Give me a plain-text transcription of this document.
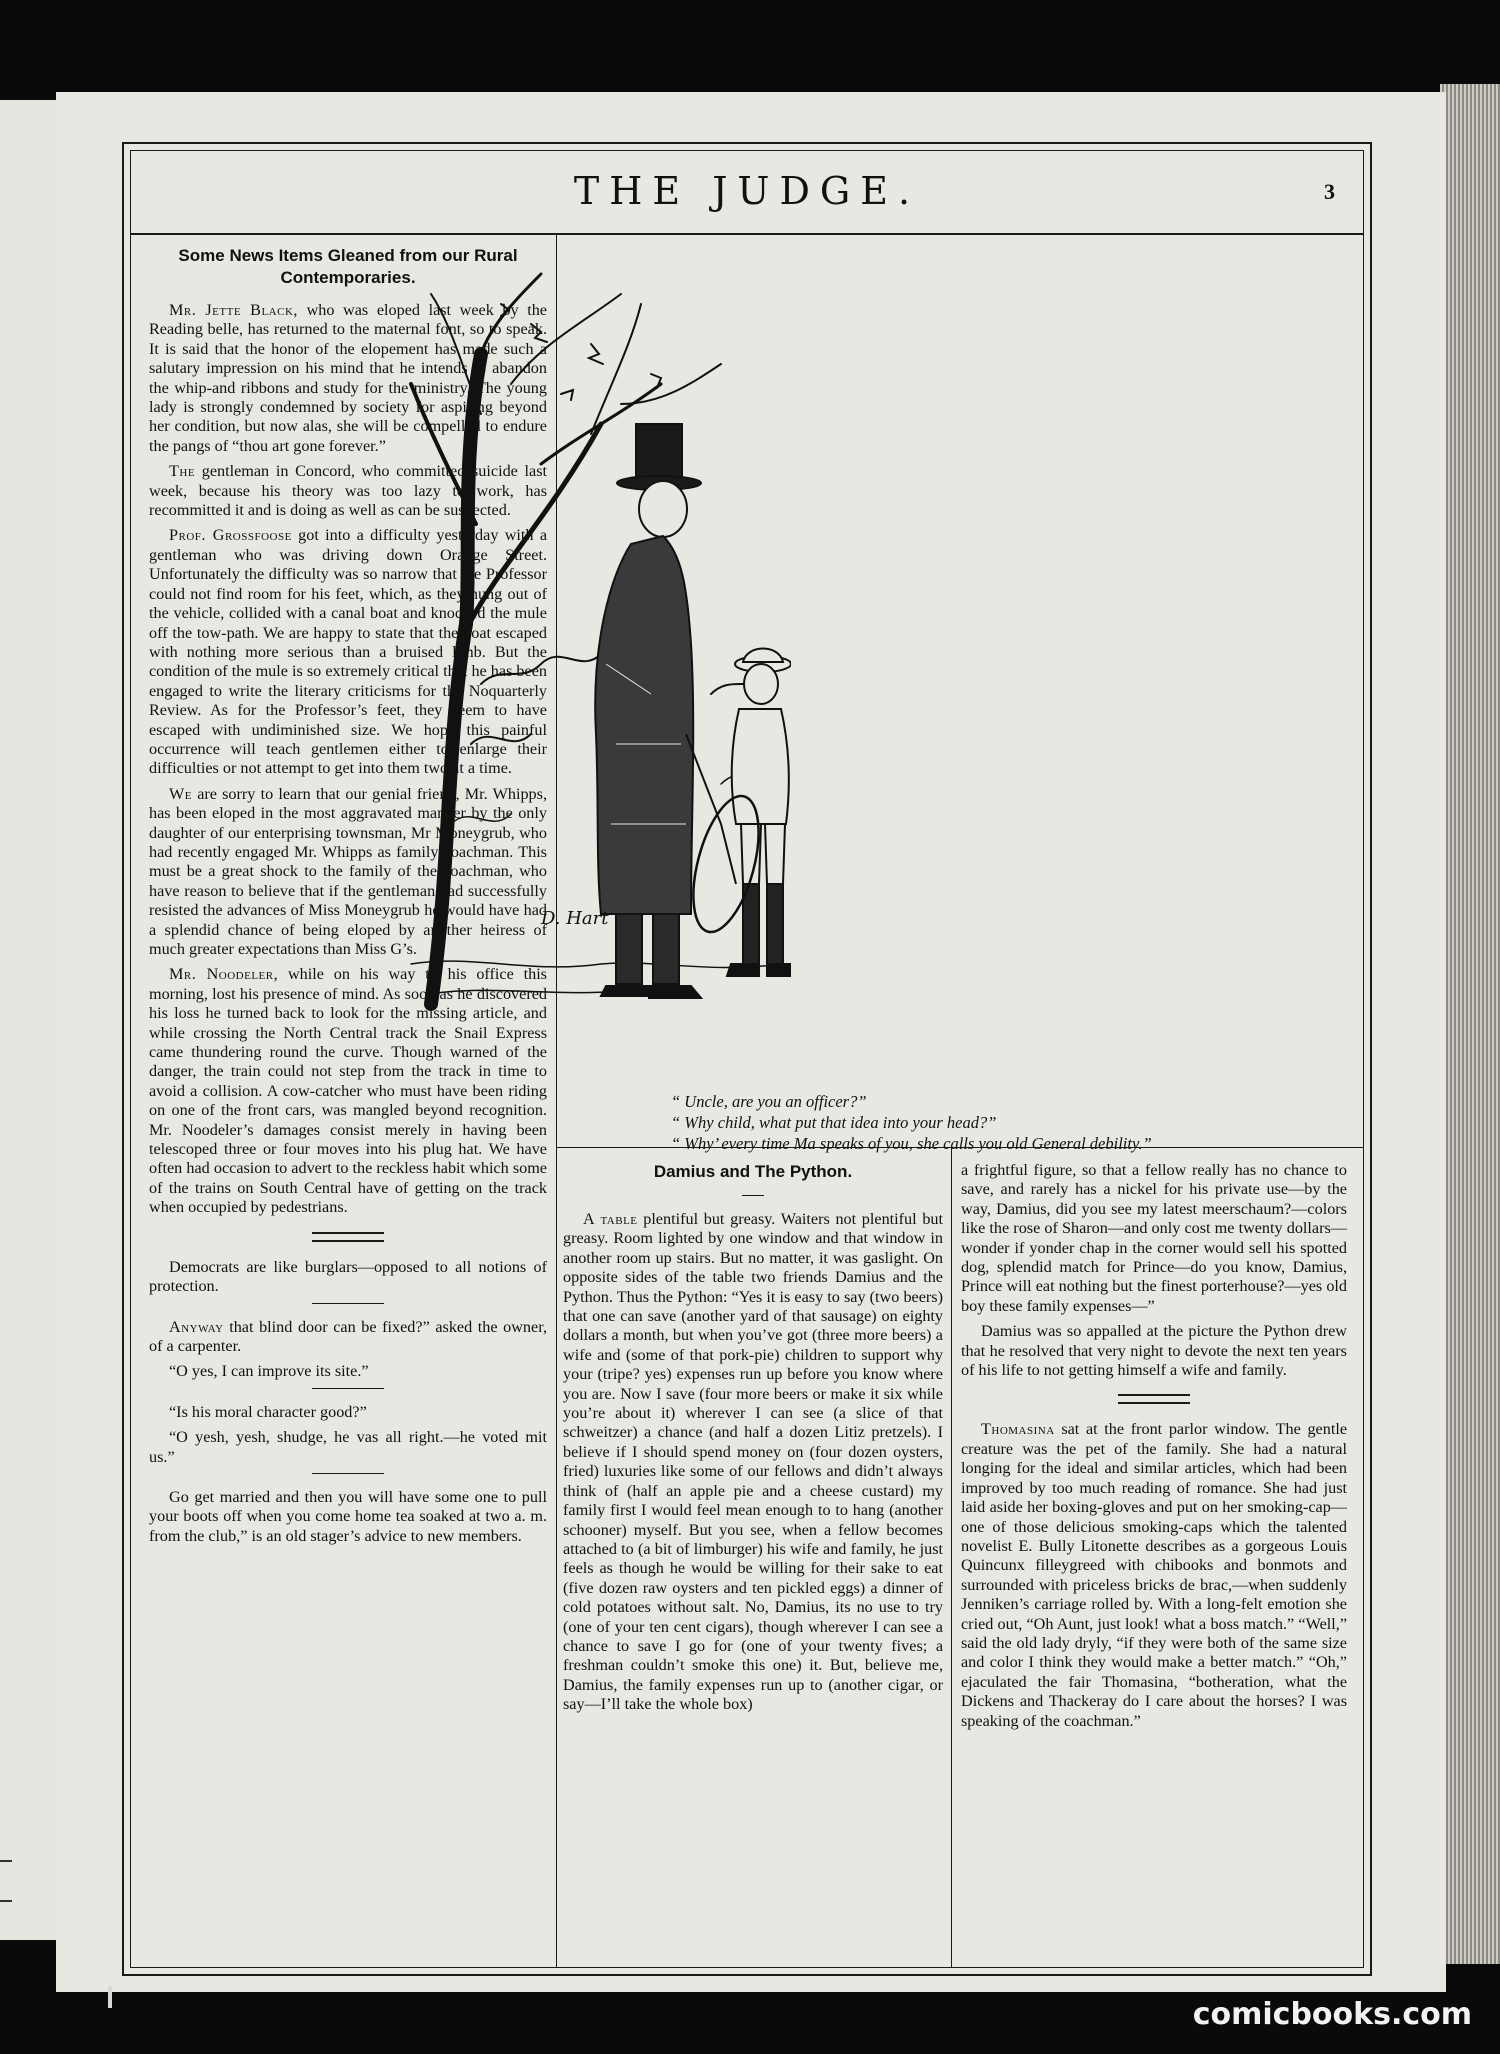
THE JUDGE.	3
Some News Items Gleaned from our Rural Contemporaries.

Mr. Jette Black, who was eloped last week by the Reading belle, has returned to the maternal font, so to speak. It is said that the honor of the elopement has made such a salutary impression on his mind that he intends to abandon the whip-and ribbons and study for the ministry. The young lady is strongly condemned by society for aspiring beyond her condition, but now alas, she will be compelled to endure the pangs of “thou art gone forever.”

The gentleman in Concord, who committed suicide last week, because his theory was too lazy to work, has recommitted it and is doing as well as can be suspected.

Prof. Grossfoose got into a difficulty yesterday with a gentleman who was driving down Orange Street. Unfortunately the difficulty was so narrow that the Professor could not find room for his feet, which, as they hung out of the vehicle, collided with a canal boat and knocked the mule off the tow-path. We are happy to state that the boat escaped with nothing more serious than a bruised limb. But the condition of the mule is so extremely critical that he has been engaged to write the literary criticisms for the Noquarterly Review. As for the Professor’s feet, they seem to have escaped with undiminished size. We hope this painful occurrence will teach gentlemen either to enlarge their difficulties or not attempt to get into them two at a time.

We are sorry to learn that our genial friend, Mr. Whipps, has been eloped in the most aggravated manner by the only daughter of our enterprising townsman, Mr Moneygrub, who had recently engaged Mr. Whipps as family coachman. This must be a great shock to the family of the coachman, who have reason to believe that if the gentleman had successfully resisted the advances of Miss Moneygrub he would have had a splendid chance of being eloped by another heiress of much greater expectations than Miss G’s.

Mr. Noodeler, while on his way to his office this morning, lost his presence of mind. As soon as he discovered his loss he turned back to look for the missing article, and while crossing the North Central track the Snail Express came thundering round the curve. Though warned of the danger, the train could not step from the track in time to avoid a collision. A cow-catcher who must have been riding on one of the front cars, was mangled beyond recognition. Mr. Noodeler’s damages consist merely in having been telescoped three or four moves into his plug hat. We have often had occasion to advert to the reckless habit which some of the trains on South Central have of getting on the track when occupied by pedestrians.

Democrats are like burglars—opposed to all notions of protection.

Anyway that blind door can be fixed?” asked the owner, of a carpenter.

“O yes, I can improve its site.”

“Is his moral character good?”

“O yesh, yesh, shudge, he vas all right.—he voted mit us.”

Go get married and then you will have some one to pull your boots off when you come home tea soaked at two a. m. from the club,” is an old stager’s advice to new members.

D. Hart
“ Uncle, are you an officer?”
“ Why child, what put that idea into your head?”
“ Why’ every time Ma speaks of you, she calls you old General debility.”
Damius and The Python.

A table plentiful but greasy. Waiters not plentiful but greasy. Room lighted by one window and that window in another room up stairs. But no matter, it was gaslight. On opposite sides of the table two friends Damius and the Python. Thus the Python: “Yes it is easy to say (two beers) that one can save (another yard of that sausage) on eighty dollars a month, but when you’ve got (three more beers) a wife and (some of that pork-pie) children to support why your (tripe? yes) expenses run up before you know where you are. Now I save (four more beers or make it six while you’re about it) wherever I can see (a slice of that schweitzer) a chance (and half a dozen Litiz pretzels). I believe if I should spend money on (four dozen oysters, fried) luxuries like some of our fellows and didn’t always think of (half an apple pie and a cheese custard) my family first I would feel mean enough to to hang (another schooner) myself. But you see, when a fellow becomes attached to (a bit of limburger) his wife and family, he just feels as though he would be willing for their sake to eat (five dozen raw oysters and ten pickled eggs) a dinner of cold potatoes without salt. No, Damius, its no use to try (one of your ten cent cigars), though wherever I can see a chance to save I go for (one of your twenty fives; a freshman couldn’t smoke this one) it. But, believe me, Damius, the family expenses run up to (another cigar, or say—I’ll take the whole box)

a frightful figure, so that a fellow really has no chance to save, and rarely has a nickel for his private use—by the way, Damius, did you see my latest meerschaum?—colors like the rose of Sharon—and only cost me twenty dollars—wonder if yonder chap in the corner would sell his spotted dog, splendid match for Prince—do you know, Damius, Prince will eat nothing but the finest porterhouse?—yes old boy these family expenses—”

Damius was so appalled at the picture the Python drew that he resolved that very night to devote the next ten years of his life to not getting himself a wife and family.

Thomasina sat at the front parlor window. The gentle creature was the pet of the family. She had a natural longing for the ideal and similar articles, which had been improved by too much reading of romance. She had just laid aside her boxing-gloves and put on her smoking-cap—one of those delicious smoking-caps which the talented novelist E. Bully Litonette describes as a gorgeous Louis Quincunx filleygreed with chibooks and bonmots and surrounded with priceless bricks de brac,—when suddenly Jenniken’s carriage rolled by. With a long-felt emotion she cried out, “Oh Aunt, just look! what a boss match.” “Well,” said the old lady dryly, “if they were both of the same size and color I think they would make a better match.” “Oh,” ejaculated the fair Thomasina, “botheration, what the Dickens and Thackeray do I care about the horses? I was speaking of the coachman.”

comicbooks.com
